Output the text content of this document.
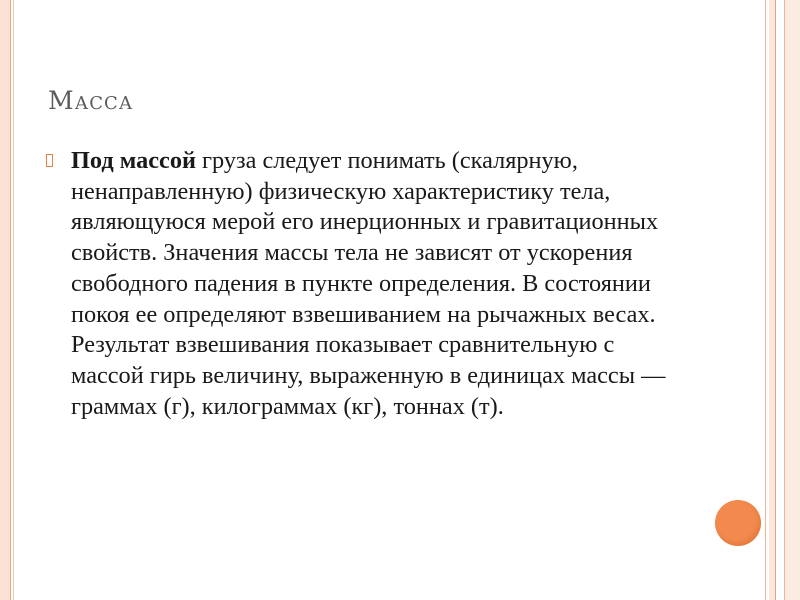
Масса

Под массой груза следует понимать (скалярную, ненаправленную) физическую характеристику тела, являющуюся мерой его инерционных и гравитационных свойств. Значения массы тела не зависят от ускорения свободного падения в пункте определения. В состоянии покоя ее определяют взвешиванием на рычажных весах. Результат взвешивания показывает сравнительную с массой гирь величину, выраженную в единицах массы — граммах (г), килограммах (кг), тоннах (т).
